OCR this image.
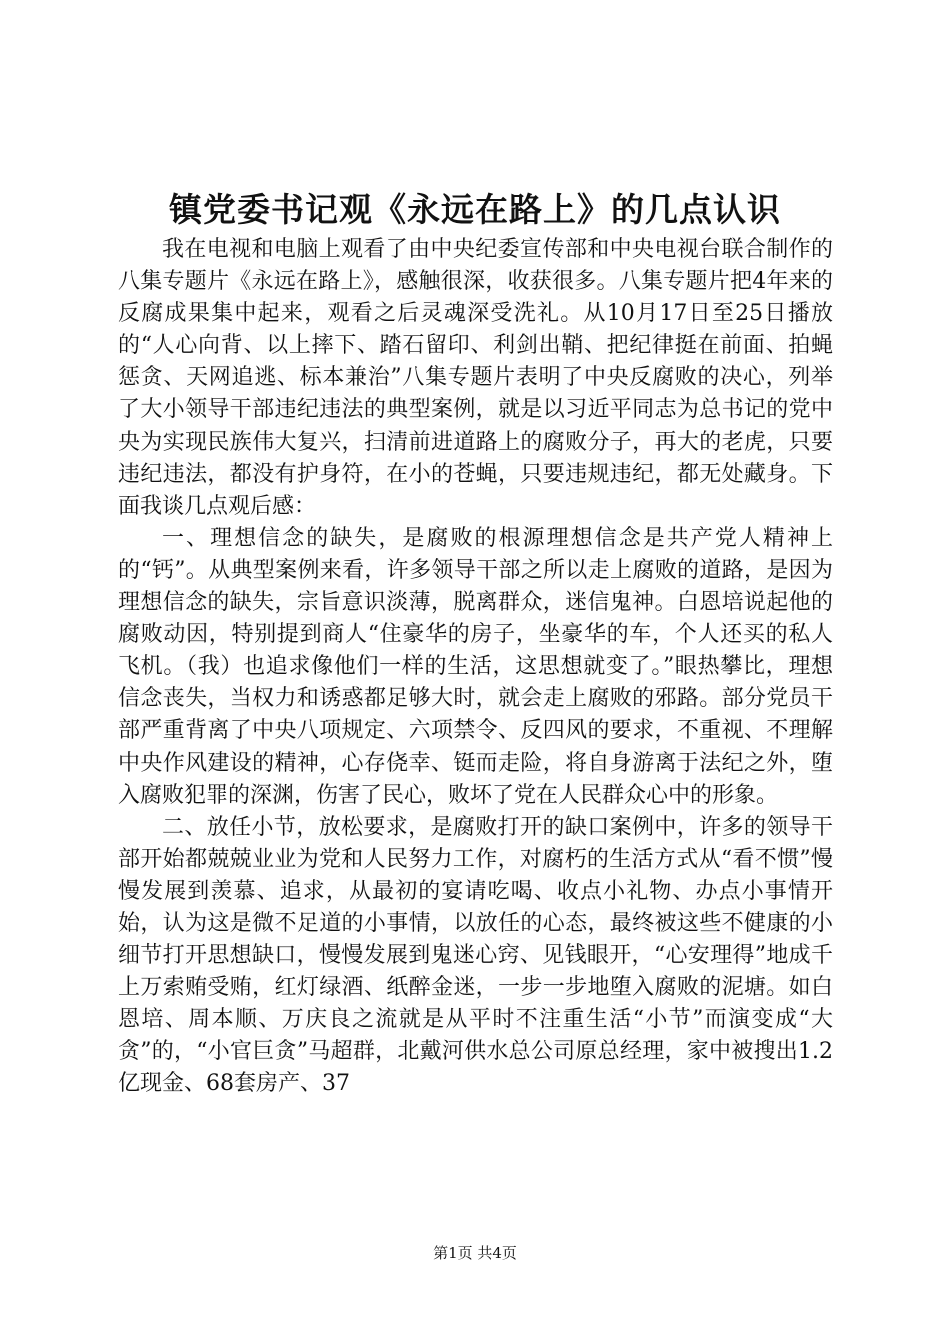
镇党委书记观《永远在路上》的几点认识

我在电视和电脑上观看了由中央纪委宣传部和中央电视台联合制作的八集专题片《永远在路上》，感触很深，收获很多。八集专题片把4年来的反腐成果集中起来，观看之后灵魂深受洗礼。从10月17日至25日播放的“人心向背、以上摔下、踏石留印、利剑出鞘、把纪律挺在前面、拍蝇惩贪、天网追逃、标本兼治”八集专题片表明了中央反腐败的决心，列举了大小领导干部违纪违法的典型案例，就是以习近平同志为总书记的党中央为实现民族伟大复兴，扫清前进道路上的腐败分子，再大的老虎，只要违纪违法，都没有护身符，在小的苍蝇，只要违规违纪，都无处藏身。下面我谈几点观后感：

一、理想信念的缺失，是腐败的根源理想信念是共产党人精神上的“钙”。从典型案例来看，许多领导干部之所以走上腐败的道路，是因为理想信念的缺失，宗旨意识淡薄，脱离群众，迷信鬼神。白恩培说起他的腐败动因，特别提到商人“住豪华的房子，坐豪华的车，个人还买的私人飞机。（我）也追求像他们一样的生活，这思想就变了。”眼热攀比，理想信念丧失，当权力和诱惑都足够大时，就会走上腐败的邪路。部分党员干部严重背离了中央八项规定、六项禁令、反四风的要求，不重视、不理解中央作风建设的精神，心存侥幸、铤而走险，将自身游离于法纪之外，堕入腐败犯罪的深渊，伤害了民心，败坏了党在人民群众心中的形象。

二、放任小节，放松要求，是腐败打开的缺口案例中，许多的领导干部开始都兢兢业业为党和人民努力工作，对腐朽的生活方式从“看不惯”慢慢发展到羡慕、追求，从最初的宴请吃喝、收点小礼物、办点小事情开始，认为这是微不足道的小事情，以放任的心态，最终被这些不健康的小细节打开思想缺口，慢慢发展到鬼迷心窍、见钱眼开，“心安理得”地成千上万索贿受贿，红灯绿酒、纸醉金迷，一步一步地堕入腐败的泥塘。如白恩培、周本顺、万庆良之流就是从平时不注重生活“小节”而演变成“大贪”的，“小官巨贪”马超群，北戴河供水总公司原总经理，家中被搜出1.2亿现金、68套房产、37

第1页 共4页
